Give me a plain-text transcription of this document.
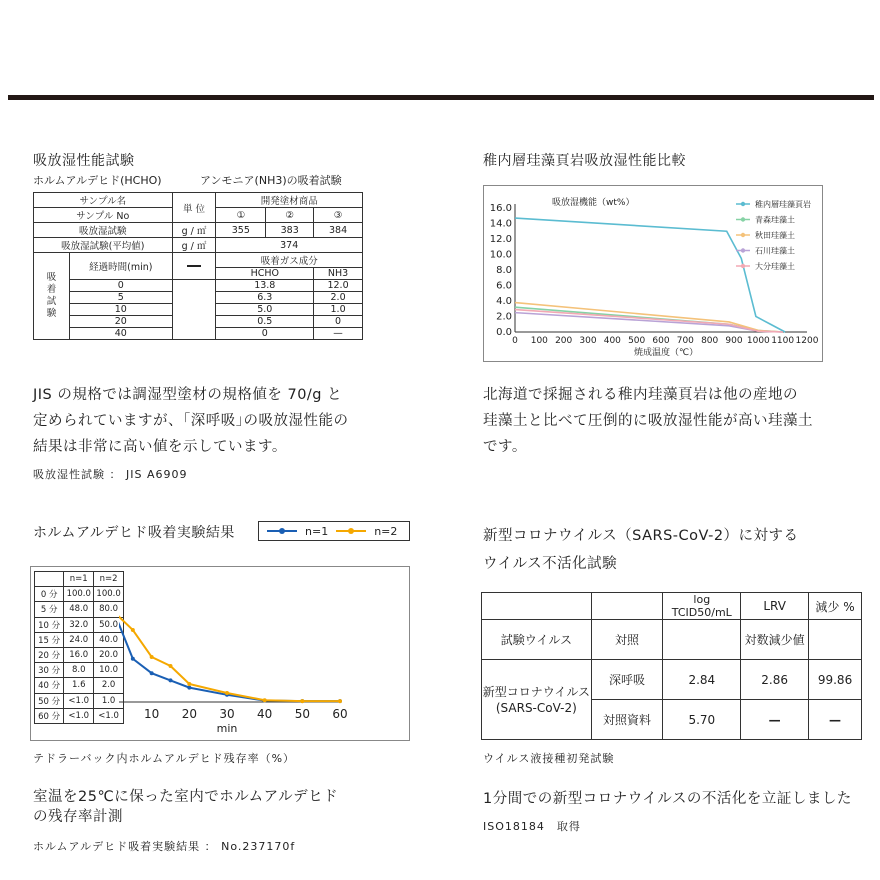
吸放湿性能試験
ホルムアルデヒド(HCHO)	アンモニア(NH3)の吸着試験
サンプル名		単 位	開発塗材商品		
サンプル No			①	②	③
吸放湿試験		g / ㎡	355	383	384
吸放湿試験(平均値)		g / ㎡	374		
吸 着 試 験	経過時間(min)		吸着ガス成分		
			HCHO		NH3
	0		13.8		12.0
	5		6.3		2.0
	10		5.0		1.0
	20		0.5		0
	40		0		—
JIS の規格では調湿型塗材の規格値を 70/g と
定められていますが、｢深呼吸｣の吸放湿性能の
結果は非常に高い値を示しています。
吸放湿性試験 ： JIS A6909
稚内層珪藻頁岩吸放湿性能比較
0.0
2.0
4.0
6.0
8.0
10.0
12.0
14.0
16.0
0 100 200 300 400 500 600 700 800 900 1000 1100 1200
吸放湿機能（wt%）
焼成温度（℃）
稚内層珪藻頁岩
青森珪藻土
秋田珪藻土
石川珪藻土
大分珪藻土
北海道で採掘される稚内珪藻頁岩は他の産地の
珪藻土と比べて圧倒的に吸放湿性能が高い珪藻土
です。
ホルムアルデヒド吸着実験結果	n=1	n=2
	n=1	n=2
0 分	100.0	100.0
5 分	48.0	80.0
10 分	32.0	50.0
15 分	24.0	40.0
20 分	16.0	20.0
30 分	8.0	10.0
40 分	1.6	2.0
50 分	<1.0	1.0
60 分	<1.0	<1.0 10 20 30 40 50 60
min
テドラーバック内ホルムアルデヒド残存率（%）
室温を25℃に保った室内でホルムアルデヒド
の残存率計測
ホルムアルデヒド吸着実験結果 ： No.237170f
新型コロナウイルス（SARS-CoV-2）に対する
ウイルス不活化試験
		log TCID50/mL	LRV	減少 %
試験ウイルス	対照		対数減少値	

新型コロナウイルス
(SARS-CoV-2)	深呼吸	2.84	2.86	99.86
	対照資料	5.70	—	—
ウイルス液接種初発試験
1分間での新型コロナウイルスの不活化を立証しました
ISO18184　取得
